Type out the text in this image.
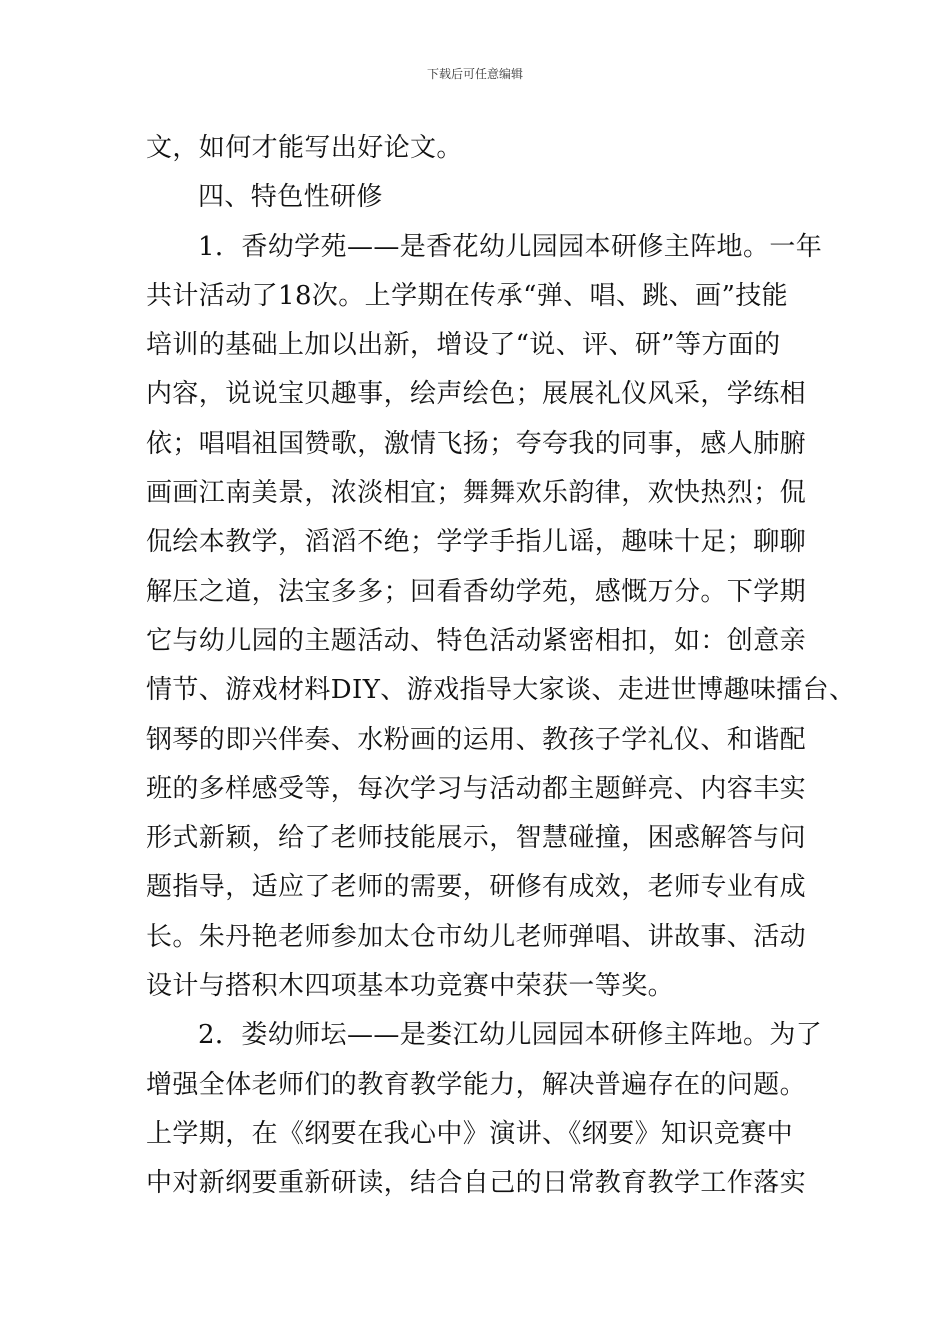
下载后可任意编辑
文，如何才能写出好论文。
四、特色性研修
1．香幼学苑——是香花幼儿园园本研修主阵地。一年
共计活动了18次。上学期在传承“弹、唱、跳、画”技能
培训的基础上加以出新，增设了“说、评、研”等方面的
内容，说说宝贝趣事，绘声绘色；展展礼仪风采，学练相
依；唱唱祖国赞歌，激情飞扬；夸夸我的同事，感人肺腑
画画江南美景，浓淡相宜；舞舞欢乐韵律，欢快热烈；侃
侃绘本教学，滔滔不绝；学学手指儿谣，趣味十足；聊聊
解压之道，法宝多多；回看香幼学苑，感慨万分。下学期
它与幼儿园的主题活动、特色活动紧密相扣，如：创意亲
情节、游戏材料DIY、游戏指导大家谈、走进世博趣味擂台、
钢琴的即兴伴奏、水粉画的运用、教孩子学礼仪、和谐配
班的多样感受等，每次学习与活动都主题鲜亮、内容丰实
形式新颖，给了老师技能展示，智慧碰撞，困惑解答与问
题指导，适应了老师的需要，研修有成效，老师专业有成
长。朱丹艳老师参加太仓市幼儿老师弹唱、讲故事、活动
设计与搭积木四项基本功竞赛中荣获一等奖。
2．娄幼师坛——是娄江幼儿园园本研修主阵地。为了
增强全体老师们的教育教学能力，解决普遍存在的问题。
上学期，在《纲要在我心中》演讲、《纲要》知识竞赛中
中对新纲要重新研读，结合自己的日常教育教学工作落实
